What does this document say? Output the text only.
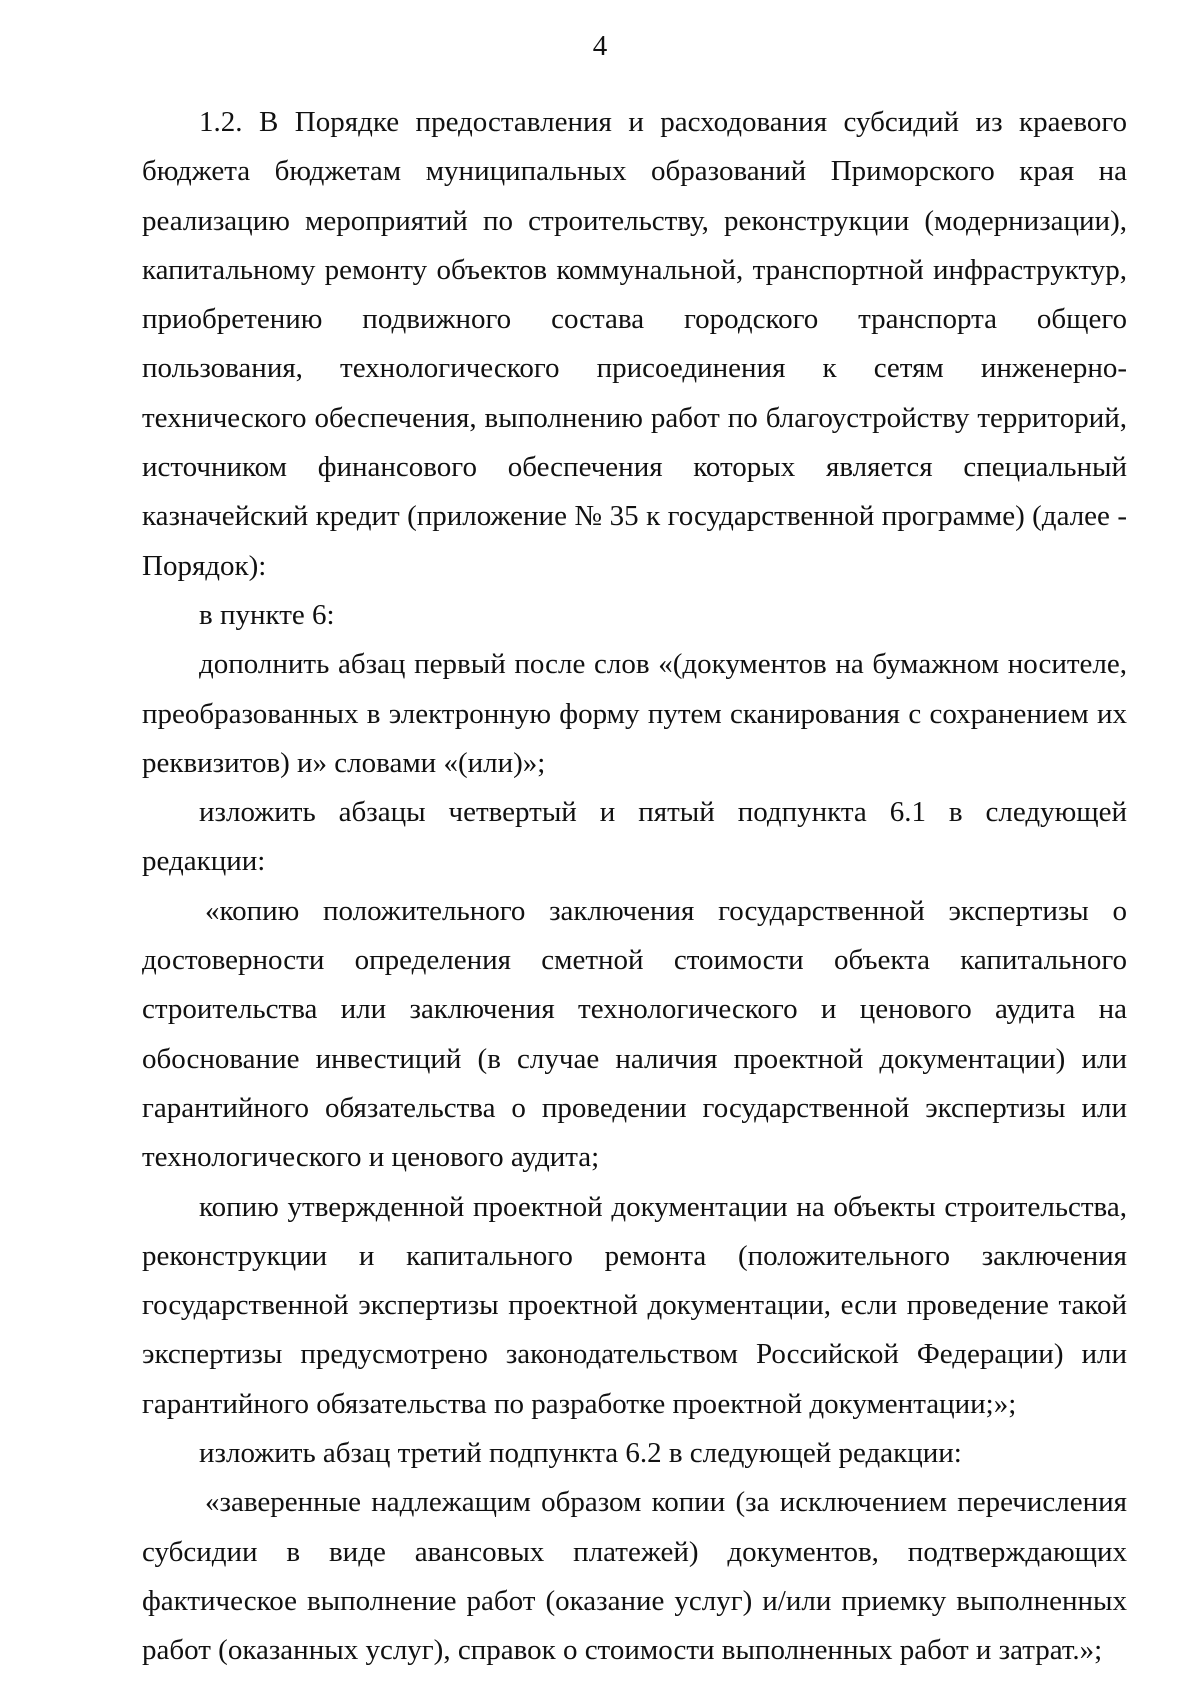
4

1.2. В Порядке предоставления и расходования субсидий из краевого бюджета бюджетам муниципальных образований Приморского края на реализацию мероприятий по строительству, реконструкции (модернизации), капитальному ремонту объектов коммунальной, транспортной инфраструктур, приобретению подвижного состава городского транспорта общего пользования, технологического присоединения к сетям инженерно-технического обеспечения, выполнению работ по благоустройству территорий, источником финансового обеспечения которых является специальный казначейский кредит (приложение № 35 к государственной программе) (далее - Порядок):

в пункте 6:

дополнить абзац первый после слов «(документов на бумажном носителе, преобразованных в электронную форму путем сканирования с сохранением их реквизитов) и» словами «(или)»;

изложить абзацы четвертый и пятый подпункта 6.1 в следующей редакции:

«копию положительного заключения государственной экспертизы о достоверности определения сметной стоимости объекта капитального строительства или заключения технологического и ценового аудита на обоснование инвестиций (в случае наличия проектной документации) или гарантийного обязательства о проведении государственной экспертизы или технологического и ценового аудита;

копию утвержденной проектной документации на объекты строительства, реконструкции и капитального ремонта (положительного заключения государственной экспертизы проектной документации, если проведение такой экспертизы предусмотрено законодательством Российской Федерации) или гарантийного обязательства по разработке проектной документации;»;

изложить абзац третий подпункта 6.2 в следующей редакции:

«заверенные надлежащим образом копии (за исключением перечисления субсидии в виде авансовых платежей) документов, подтверждающих фактическое выполнение работ (оказание услуг) и/или приемку выполненных работ (оказанных услуг), справок о стоимости выполненных работ и затрат.»;
